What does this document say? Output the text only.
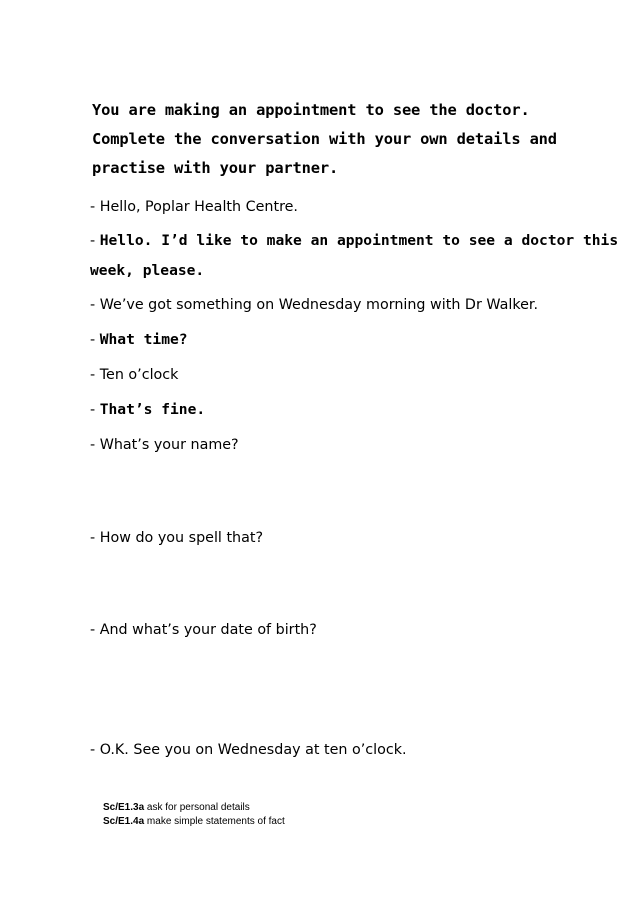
You are making an appointment to see the doctor.
Complete the conversation with your own details and
practise with your partner.
- Hello, Poplar Health Centre.
- Hello. I’d like to make an appointment to see a doctor this
week, please.
- We’ve got something on Wednesday morning with Dr Walker.
- What time?
- Ten o’clock
- That’s fine.
- What’s your name?
- How do you spell that?
- And what’s your date of birth?
- O.K. See you on Wednesday at ten o’clock.
Sc/E1.3a ask for personal details
Sc/E1.4a make simple statements of fact
